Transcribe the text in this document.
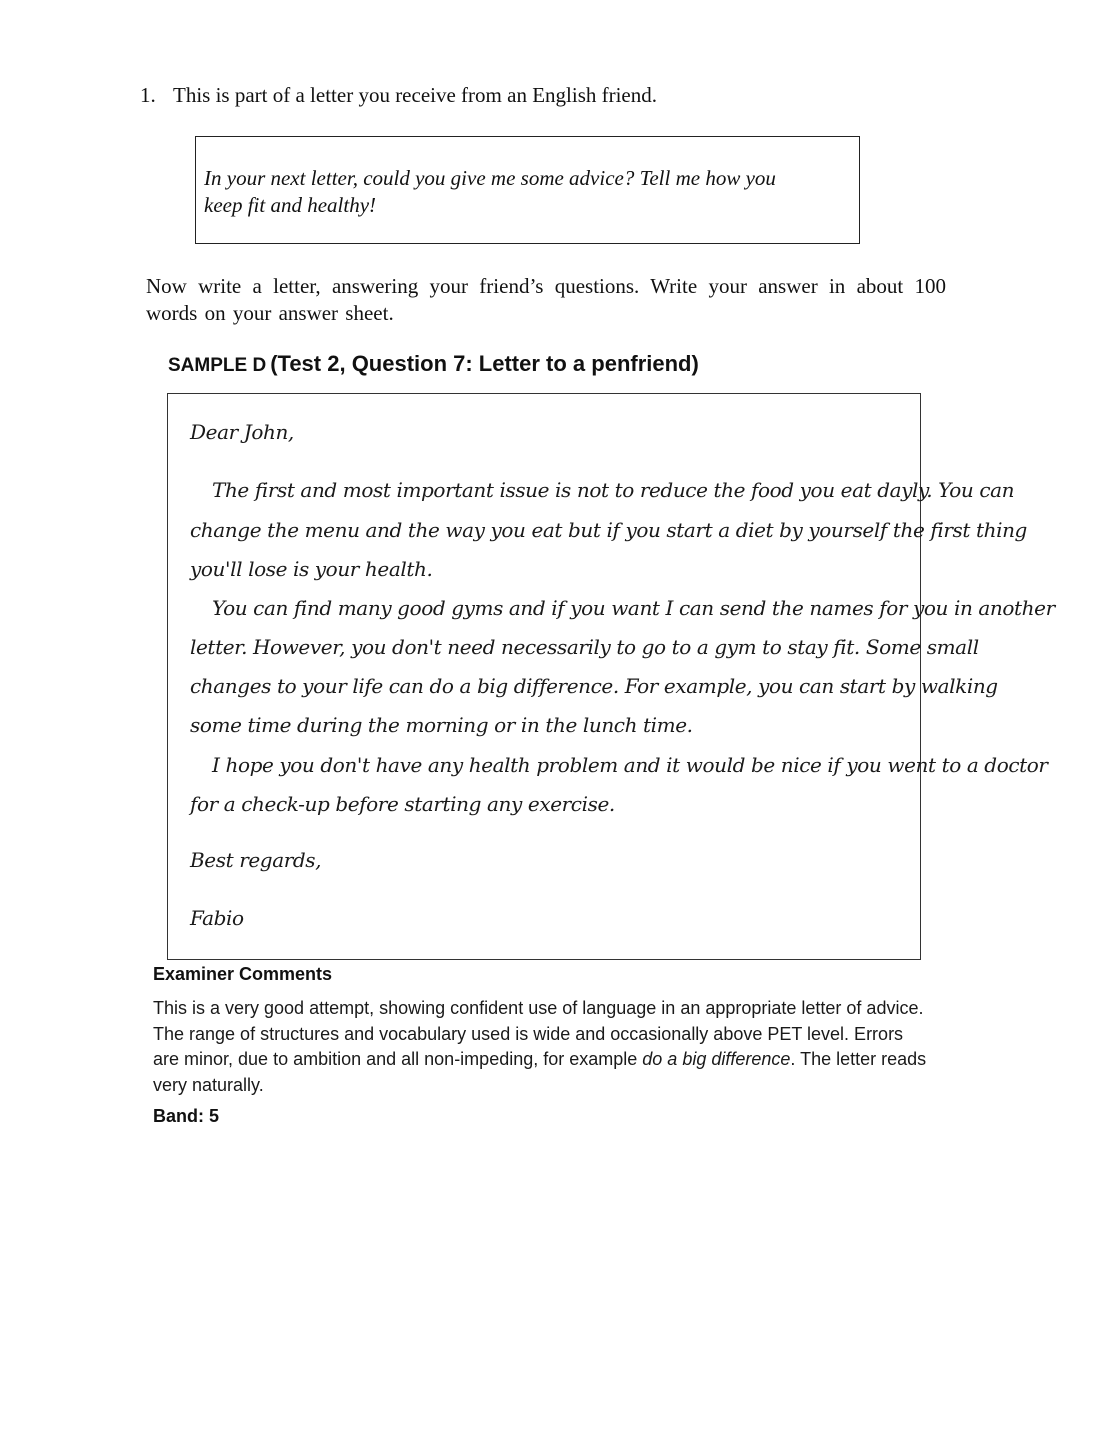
1. This is part of a letter you receive from an English friend.
In your next letter, could you give me some advice? Tell me how you
keep fit and healthy!
Now write a letter, answering your friend’s questions. Write your answer in about 100 words on your answer sheet.
SAMPLE D (Test 2, Question 7: Letter to a penfriend)
Dear John,
The first and most important issue is not to reduce the food you eat dayly. You can
change the menu and the way you eat but if you start a diet by yourself the first thing
you'll lose is your health.
You can find many good gyms and if you want I can send the names for you in another
letter. However, you don't need necessarily to go to a gym to stay fit. Some small
changes to your life can do a big difference. For example, you can start by walking
some time during the morning or in the lunch time.
I hope you don't have any health problem and it would be nice if you went to a doctor
for a check-up before starting any exercise.
Best regards,
Fabio
Examiner Comments
This is a very good attempt, showing confident use of language in an appropriate letter of advice. The range of structures and vocabulary used is wide and occasionally above PET level. Errors are minor, due to ambition and all non-impeding, for example do a big difference. The letter reads very naturally.
Band: 5
